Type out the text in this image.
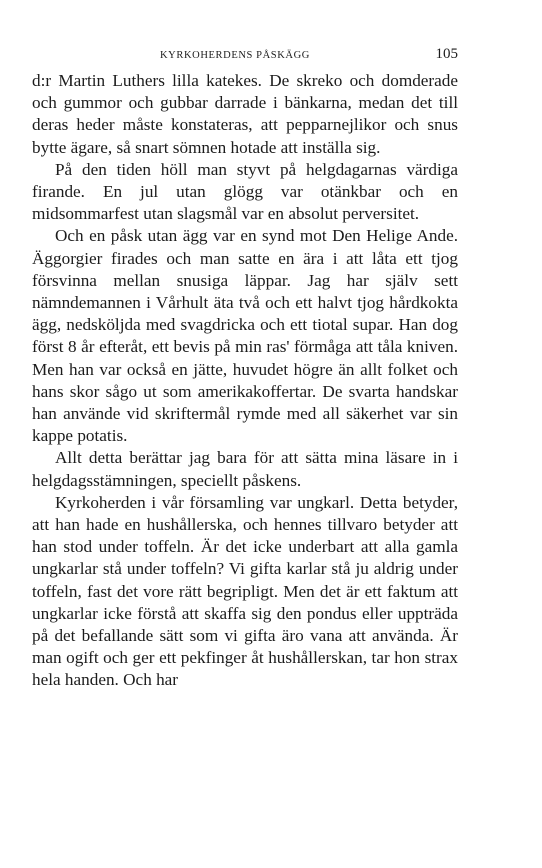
KYRKOHERDENS PÅSKÄGG	105

d:r Martin Luthers lilla katekes. De skreko och domderade och gummor och gubbar darrade i bänkarna, medan det till deras heder måste konstateras, att pepparnejlikor och snus bytte ägare, så snart sömnen hotade att inställa sig.

På den tiden höll man styvt på helgdagarnas värdiga firande. En jul utan glögg var otänkbar och en midsommarfest utan slagsmål var en absolut perversitet.

Och en påsk utan ägg var en synd mot Den Helige Ande. Äggorgier firades och man satte en ära i att låta ett tjog försvinna mellan snusiga läppar. Jag har själv sett nämndemannen i Vårhult äta två och ett halvt tjog hårdkokta ägg, nedsköljda med svagdricka och ett tiotal supar. Han dog först 8 år efteråt, ett bevis på min ras' förmåga att tåla kniven. Men han var också en jätte, huvudet högre än allt folket och hans skor sågo ut som amerikakoffertar. De svarta handskar han använde vid skriftermål rymde med all säkerhet var sin kappe potatis.

Allt detta berättar jag bara för att sätta mina läsare in i helgdagsstämningen, speciellt påskens.

Kyrkoherden i vår församling var ungkarl. Detta betyder, att han hade en hushållerska, och hennes tillvaro betyder att han stod under toffeln. Är det icke underbart att alla gamla ungkarlar stå under toffeln? Vi gifta karlar stå ju aldrig under toffeln, fast det vore rätt begripligt. Men det är ett faktum att ungkarlar icke förstå att skaffa sig den pondus eller uppträda på det befallande sätt som vi gifta äro vana att använda. Är man ogift och ger ett pekfinger åt hushållerskan, tar hon strax hela handen. Och har
